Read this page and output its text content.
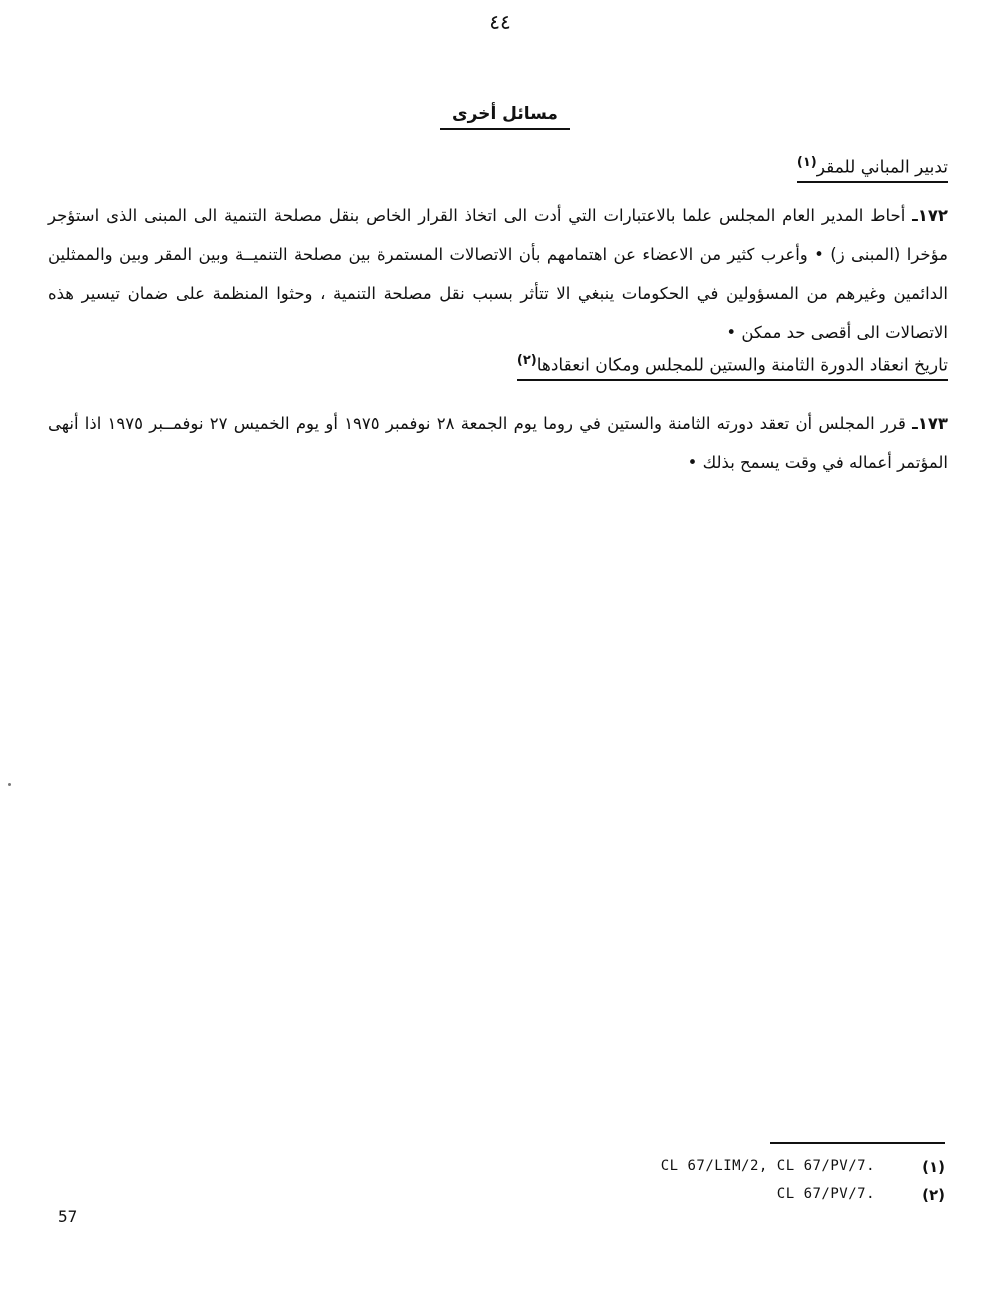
٤٤
مسائل أخرى
تدبير المباني للمقر$^{(١)}$
١٧٢ـ أحاط المدير العام المجلس علما بالاعتبارات التي أدت الى اتخاذ القرار الخاص بنقل مصلحة التنمية الى المبنى الذى استؤجر مؤخرا (المبنى ز) • وأعرب كثير من الاعضاء عن اهتمامهم بأن الاتصالات المستمرة بين مصلحة التنميــة وبين المقر وبين والممثلين الدائمين وغيرهم من المسؤولين في الحكومات ينبغي الا تتأثر بسبب نقل مصلحة التنمية ، وحثوا المنظمة على ضمان تيسير هذه الاتصالات الى أقصى حد ممكن •
تاريخ انعقاد الدورة الثامنة والستين للمجلس ومكان انعقادها$^{(٢)}$
١٧٣ـ قرر المجلس أن تعقد دورته الثامنة والستين في روما يوم الجمعة ٢٨ نوفمبر ١٩٧٥ أو يوم الخميس ٢٧ نوفمــبر ١٩٧٥ اذا أنهى المؤتمر أعماله في وقت يسمح بذلك •
CL 67/LIM/2, CL 67/PV/7.	(١)
CL 67/PV/7.	(٢)
57
